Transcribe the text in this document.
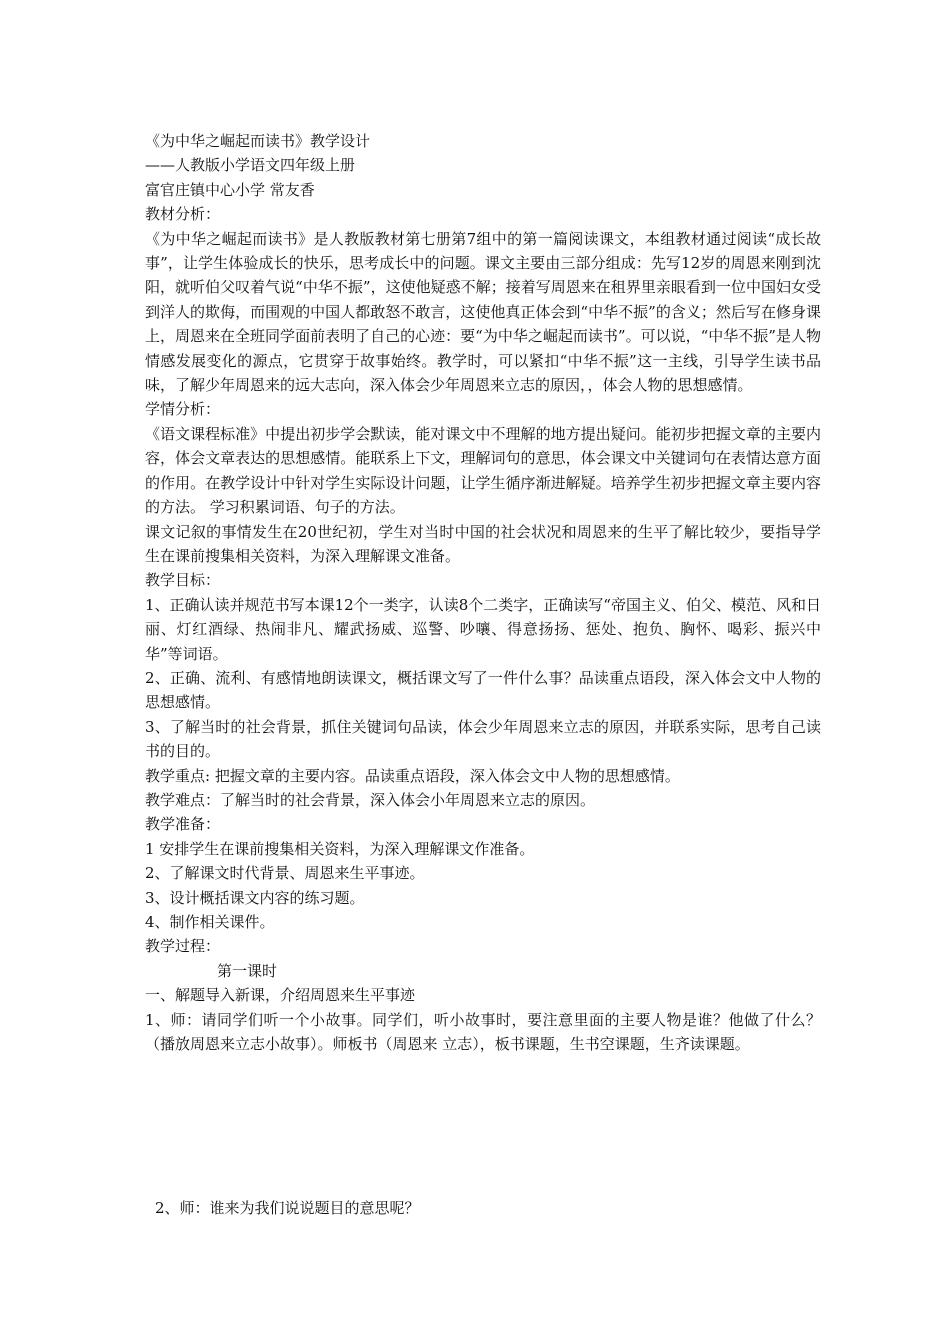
《为中华之崛起而读书》教学设计

——人教版小学语文四年级上册

富官庄镇中心小学 常友香

教材分析：

《为中华之崛起而读书》是人教版教材第七册第7组中的第一篇阅读课文，本组教材通过阅读“成长故事”，让学生体验成长的快乐，思考成长中的问题。课文主要由三部分组成：先写12岁的周恩来刚到沈阳，就听伯父叹着气说“中华不振”，这使他疑惑不解；接着写周恩来在租界里亲眼看到一位中国妇女受到洋人的欺侮，而围观的中国人都敢怒不敢言，这使他真正体会到“中华不振”的含义；然后写在修身课上，周恩来在全班同学面前表明了自己的心迹：要“为中华之崛起而读书”。可以说，“中华不振”是人物情感发展变化的源点，它贯穿于故事始终。教学时，可以紧扣“中华不振”这一主线，引导学生读书品味，了解少年周恩来的远大志向，深入体会少年周恩来立志的原因，，体会人物的思想感情。

学情分析：

《语文课程标准》中提出初步学会默读，能对课文中不理解的地方提出疑问。能初步把握文章的主要内容，体会文章表达的思想感情。能联系上下文，理解词句的意思，体会课文中关键词句在表情达意方面的作用。在教学设计中针对学生实际设计问题，让学生循序渐进解疑。培养学生初步把握文章主要内容的方法。 学习积累词语、句子的方法。

课文记叙的事情发生在20世纪初，学生对当时中国的社会状况和周恩来的生平了解比较少，要指导学生在课前搜集相关资料，为深入理解课文准备。

教学目标：

1、正确认读并规范书写本课12个一类字，认读8个二类字，正确读写“帝国主义、伯父、模范、风和日丽、灯红酒绿、热闹非凡、耀武扬威、巡警、吵嚷、得意扬扬、惩处、抱负、胸怀、喝彩、振兴中华”等词语。

2、正确、流利、有感情地朗读课文，概括课文写了一件什么事？品读重点语段，深入体会文中人物的思想感情。

3、了解当时的社会背景，抓住关键词句品读，体会少年周恩来立志的原因，并联系实际，思考自己读书的目的。

教学重点: 把握文章的主要内容。品读重点语段，深入体会文中人物的思想感情。

教学难点：了解当时的社会背景，深入体会小年周恩来立志的原因。

教学准备：

1 安排学生在课前搜集相关资料，为深入理解课文作准备。

2、了解课文时代背景、周恩来生平事迹。

3、设计概括课文内容的练习题。

4、制作相关课件。

教学过程：

第一课时

一、解题导入新课，介绍周恩来生平事迹

1、师：请同学们听一个小故事。同学们，听小故事时，要注意里面的主要人物是谁？他做了什么？（播放周恩来立志小故事）。师板书（周恩来 立志），板书课题，生书空课题，生齐读课题。

2、师：谁来为我们说说题目的意思呢？
